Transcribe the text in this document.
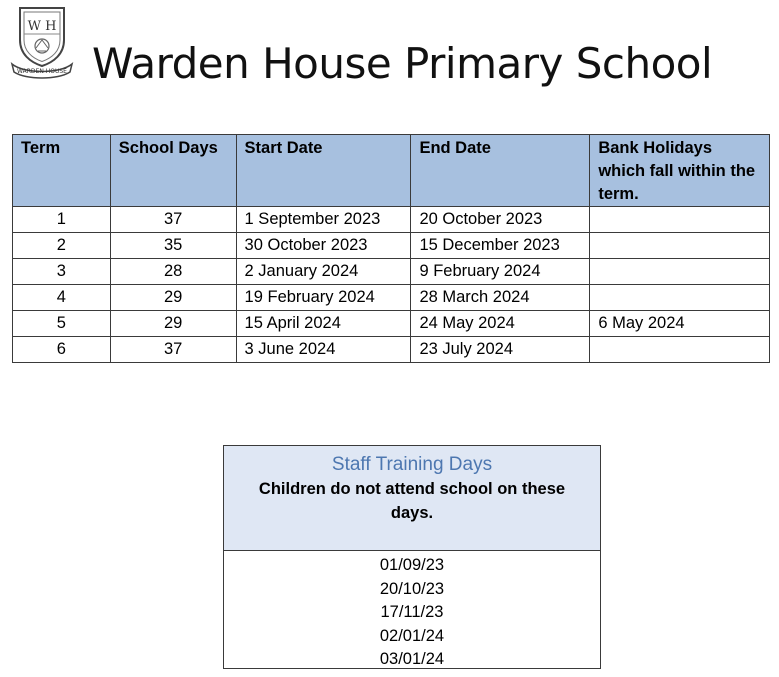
W H
WARDEN HOUSE Warden House Primary School
Term	School Days	Start Date	End Date	Bank Holidays which fall within the term.
1	37	1 September 2023	20 October 2023	
2	35	30 October 2023	15 December 2023	
3	28	2 January 2024	9 February 2024	
4	29	19 February 2024	28 March 2024	
5	29	15 April 2024	24 May 2024	6 May 2024
6	37	3 June 2024	23 July 2024	
Staff Training Days
Children do not attend school on these days.
01/09/23
20/10/23
17/11/23
02/01/24
03/01/24
